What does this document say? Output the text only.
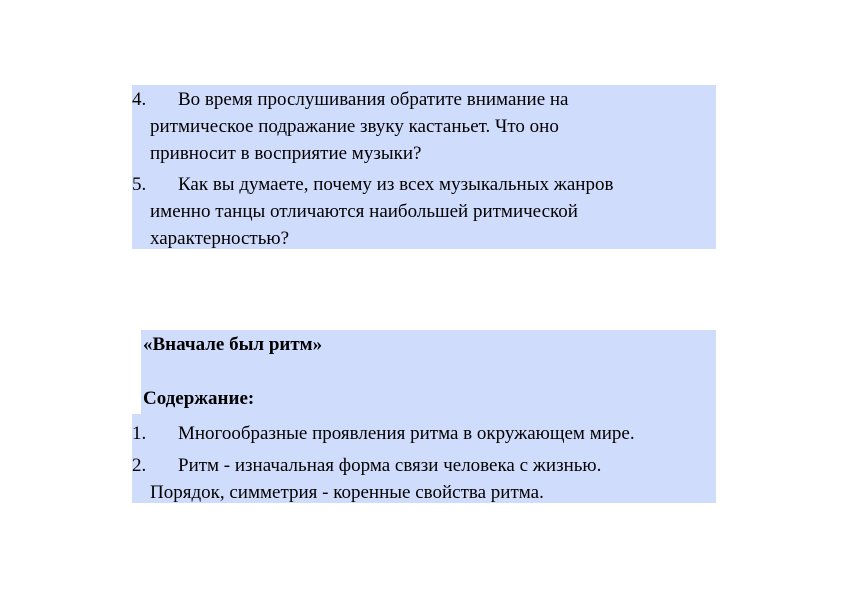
4. Во время прослушивания обратите внимание на
ритмическое подражание звуку кастаньет. Что оно
привносит в восприятие музыки?
5. Как вы думаете, почему из всех музыкальных жанров
именно танцы отличаются наибольшей ритмической
характерностью?
«Вначале был ритм»
Содержание:
1. Многообразные проявления ритма в окружающем мире.
2. Ритм - изначальная форма связи человека с жизнью.
Порядок, симметрия - коренные свойства ритма.
